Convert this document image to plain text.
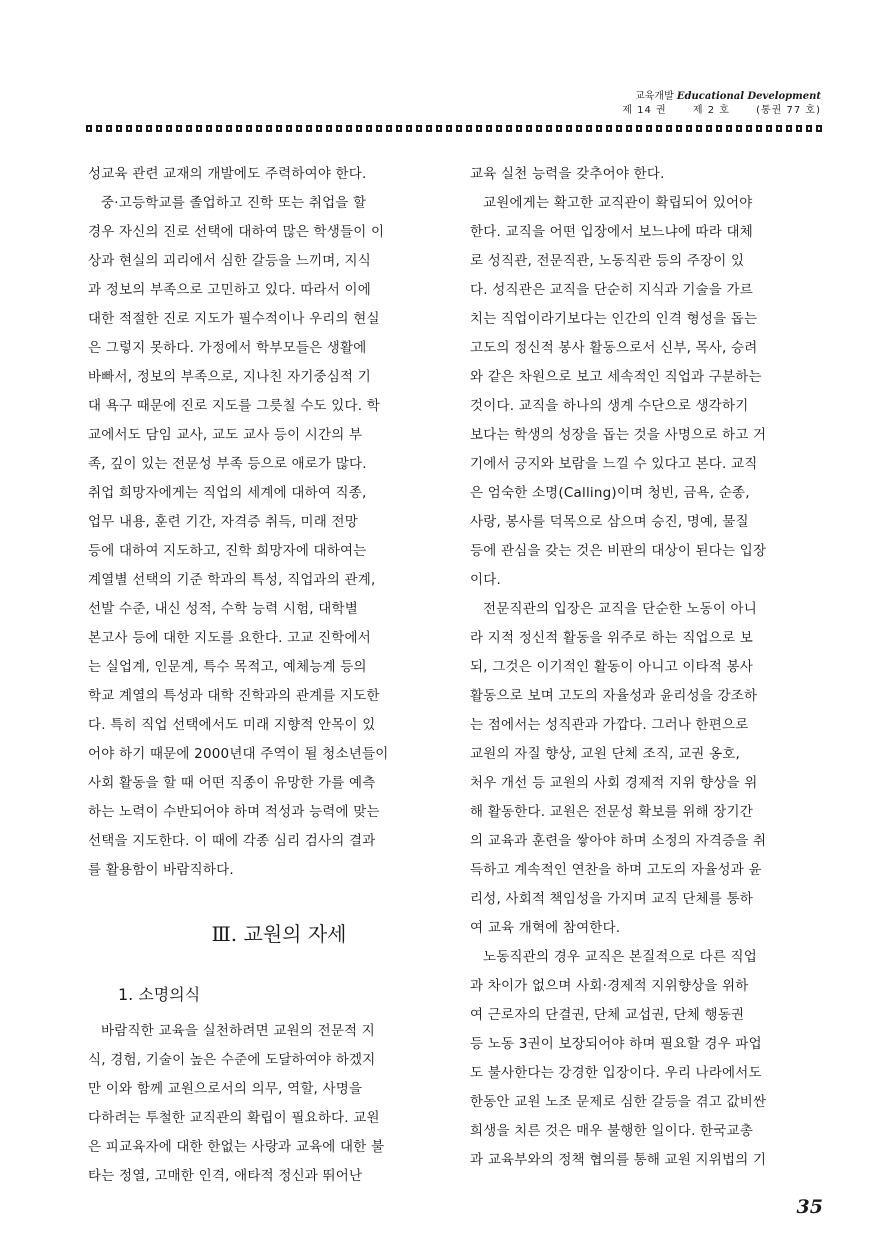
교육개발 Educational Development
제 14 권	제 2 호	(통권 77 호)
성교육 관련 교재의 개발에도 주력하여야 한다.
중·고등학교를 졸업하고 진학 또는 취업을 할
경우 자신의 진로 선택에 대하여 많은 학생들이 이
상과 현실의 괴리에서 심한 갈등을 느끼며, 지식
과 정보의 부족으로 고민하고 있다. 따라서 이에
대한 적절한 진로 지도가 필수적이나 우리의 현실
은 그렇지 못하다. 가정에서 학부모들은 생활에
바빠서, 정보의 부족으로, 지나친 자기중심적 기
대 욕구 때문에 진로 지도를 그릇칠 수도 있다. 학
교에서도 담임 교사, 교도 교사 등이 시간의 부
족, 깊이 있는 전문성 부족 등으로 애로가 많다.
취업 희망자에게는 직업의 세계에 대하여 직종,
업무 내용, 훈련 기간, 자격증 취득, 미래 전망
등에 대하여 지도하고, 진학 희망자에 대하여는
계열별 선택의 기준 학과의 특성, 직업과의 관계,
선발 수준, 내신 성적, 수학 능력 시험, 대학별
본고사 등에 대한 지도를 요한다. 고교 진학에서
는 실업계, 인문계, 특수 목적고, 예체능계 등의
학교 계열의 특성과 대학 진학과의 관계를 지도한
다. 특히 직업 선택에서도 미래 지향적 안목이 있
어야 하기 때문에 2000년대 주역이 될 청소년들이
사회 활동을 할 때 어떤 직종이 유망한 가를 예측
하는 노력이 수반되어야 하며 적성과 능력에 맞는
선택을 지도한다. 이 때에 각종 심리 검사의 결과
를 활용함이 바람직하다.
Ⅲ. 교원의 자세
1. 소명의식
바람직한 교육을 실천하려면 교원의 전문적 지
식, 경험, 기술이 높은 수준에 도달하여야 하겠지
만 이와 함께 교원으로서의 의무, 역할, 사명을
다하려는 투철한 교직관의 확립이 필요하다. 교원
은 피교육자에 대한 한없는 사랑과 교육에 대한 불
타는 정열, 고매한 인격, 애타적 정신과 뛰어난
교육 실천 능력을 갖추어야 한다.
교원에게는 확고한 교직관이 확립되어 있어야
한다. 교직을 어떤 입장에서 보느냐에 따라 대체
로 성직관, 전문직관, 노동직관 등의 주장이 있
다. 성직관은 교직을 단순히 지식과 기술을 가르
치는 직업이라기보다는 인간의 인격 형성을 돕는
고도의 정신적 봉사 활동으로서 신부, 목사, 승려
와 같은 차원으로 보고 세속적인 직업과 구분하는
것이다. 교직을 하나의 생계 수단으로 생각하기
보다는 학생의 성장을 돕는 것을 사명으로 하고 거
기에서 긍지와 보람을 느낄 수 있다고 본다. 교직
은 엄숙한 소명(Calling)이며 청빈, 금욕, 순종,
사랑, 봉사를 덕목으로 삼으며 승진, 명예, 물질
등에 관심을 갖는 것은 비판의 대상이 된다는 입장
이다.
전문직관의 입장은 교직을 단순한 노동이 아니
라 지적 정신적 활동을 위주로 하는 직업으로 보
되, 그것은 이기적인 활동이 아니고 이타적 봉사
활동으로 보며 고도의 자율성과 윤리성을 강조하
는 점에서는 성직관과 가깝다. 그러나 한편으로
교원의 자질 향상, 교원 단체 조직, 교권 옹호,
처우 개선 등 교원의 사회 경제적 지위 향상을 위
해 활동한다. 교원은 전문성 확보를 위해 장기간
의 교육과 훈련을 쌓아야 하며 소정의 자격증을 취
득하고 계속적인 연찬을 하며 고도의 자율성과 윤
리성, 사회적 책임성을 가지며 교직 단체를 통하
여 교육 개혁에 참여한다.
노동직관의 경우 교직은 본질적으로 다른 직업
과 차이가 없으며 사회·경제적 지위향상을 위하
여 근로자의 단결권, 단체 교섭권, 단체 행동권
등 노동 3권이 보장되어야 하며 필요할 경우 파업
도 불사한다는 강경한 입장이다. 우리 나라에서도
한동안 교원 노조 문제로 심한 갈등을 겪고 값비싼
희생을 치른 것은 매우 불행한 일이다. 한국교총
과 교육부와의 정책 협의를 통해 교원 지위법의 기
35
